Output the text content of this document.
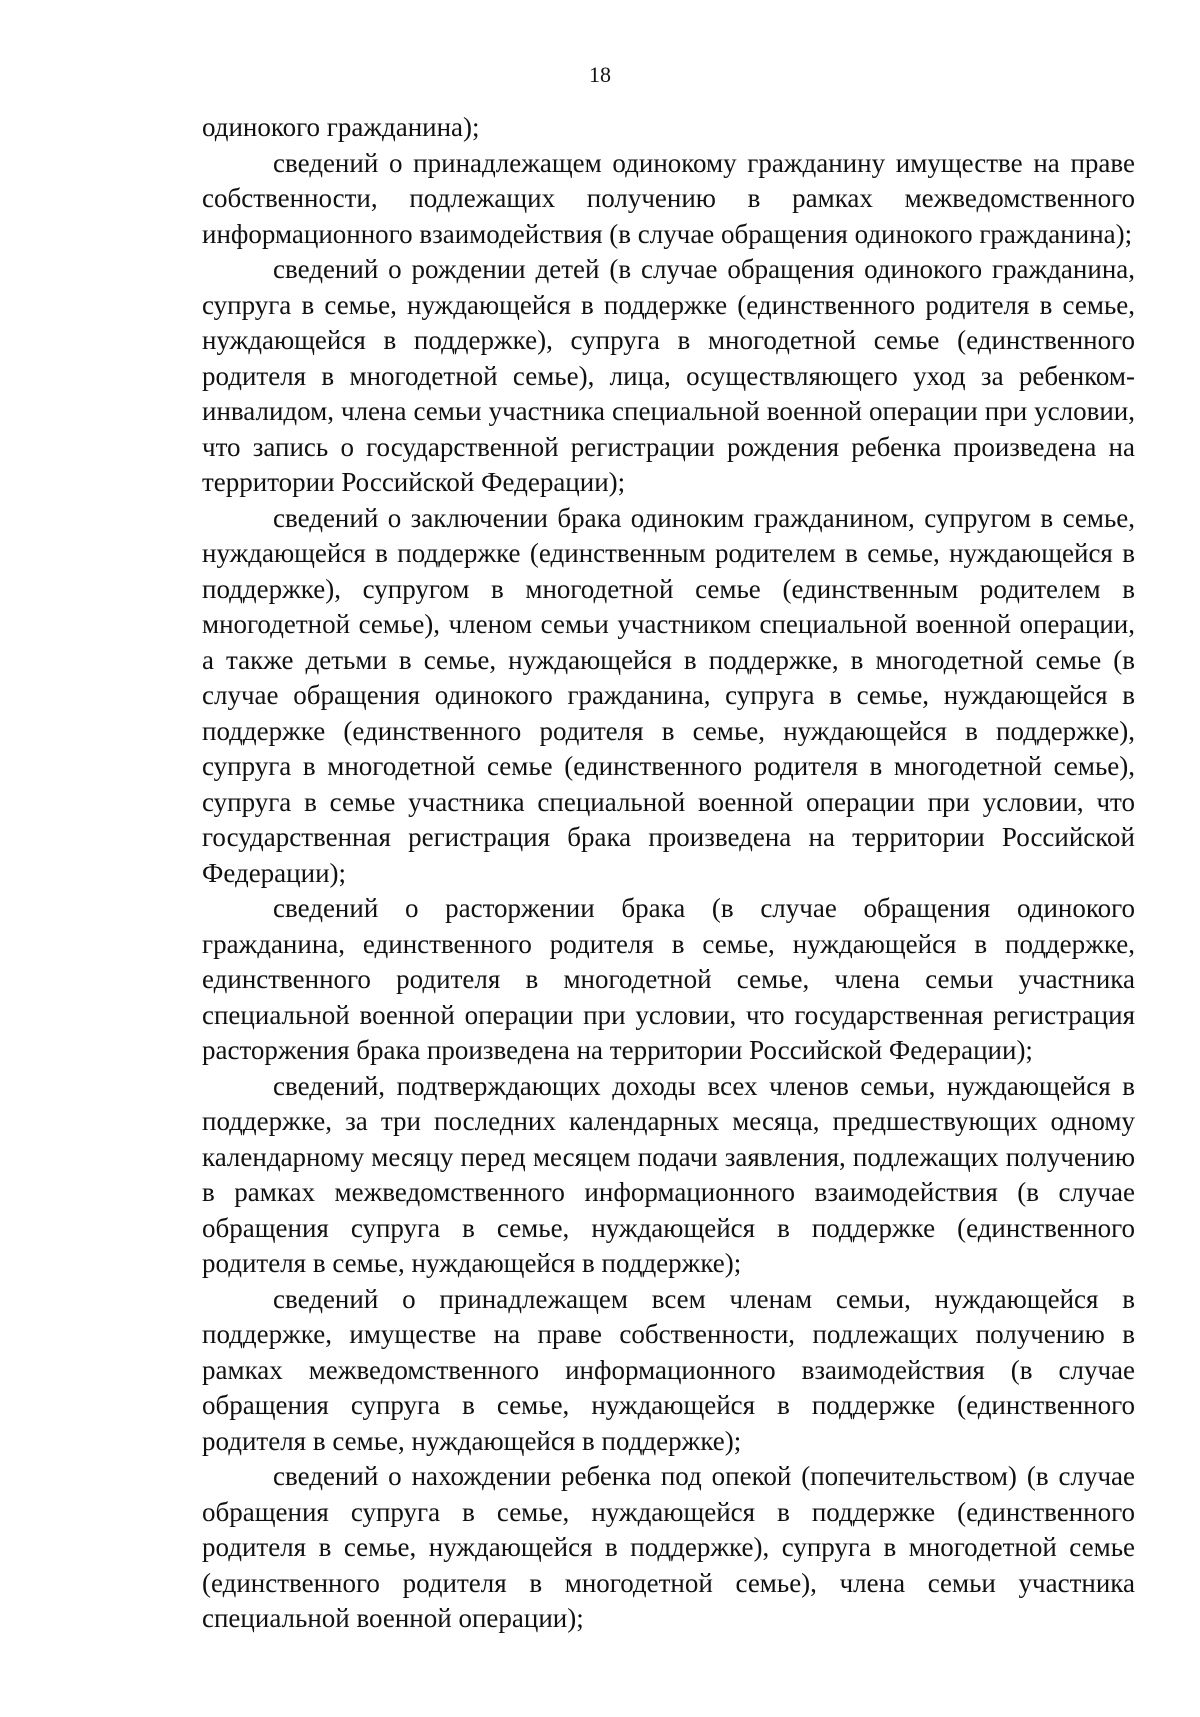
18

одинокого гражданина);

сведений о принадлежащем одинокому гражданину имуществе на праве собственности, подлежащих получению в рамках межведомственного информационного взаимодействия (в случае обращения одинокого гражданина);

сведений о рождении детей (в случае обращения одинокого гражданина, супруга в семье, нуждающейся в поддержке (единственного родителя в семье, нуждающейся в поддержке), супруга в многодетной семье (единственного родителя в многодетной семье), лица, осуществляющего уход за ребенком-инвалидом, члена семьи участника специальной военной операции при условии, что запись о государственной регистрации рождения ребенка произведена на территории Российской Федерации);

сведений о заключении брака одиноким гражданином, супругом в семье, нуждающейся в поддержке (единственным родителем в семье, нуждающейся в поддержке), супругом в многодетной семье (единственным родителем в многодетной семье), членом семьи участником специальной военной операции, а также детьми в семье, нуждающейся в поддержке, в многодетной семье (в случае обращения одинокого гражданина, супруга в семье, нуждающейся в поддержке (единственного родителя в семье, нуждающейся в поддержке), супруга в многодетной семье (единственного родителя в многодетной семье), супруга в семье участника специальной военной операции при условии, что государственная регистрация брака произведена на территории Российской Федерации);

сведений о расторжении брака (в случае обращения одинокого гражданина, единственного родителя в семье, нуждающейся в поддержке, единственного родителя в многодетной семье, члена семьи участника специальной военной операции при условии, что государственная регистрация расторжения брака произведена на территории Российской Федерации);

сведений, подтверждающих доходы всех членов семьи, нуждающейся в поддержке, за три последних календарных месяца, предшествующих одному календарному месяцу перед месяцем подачи заявления, подлежащих получению в рамках межведомственного информационного взаимодействия (в случае обращения супруга в семье, нуждающейся в поддержке (единственного родителя в семье, нуждающейся в поддержке);

сведений о принадлежащем всем членам семьи, нуждающейся в поддержке, имуществе на праве собственности, подлежащих получению в рамках межведомственного информационного взаимодействия (в случае обращения супруга в семье, нуждающейся в поддержке (единственного родителя в семье, нуждающейся в поддержке);

сведений о нахождении ребенка под опекой (попечительством) (в случае обращения супруга в семье, нуждающейся в поддержке (единственного родителя в семье, нуждающейся в поддержке), супруга в многодетной семье (единственного родителя в многодетной семье), члена семьи участника специальной военной операции);
